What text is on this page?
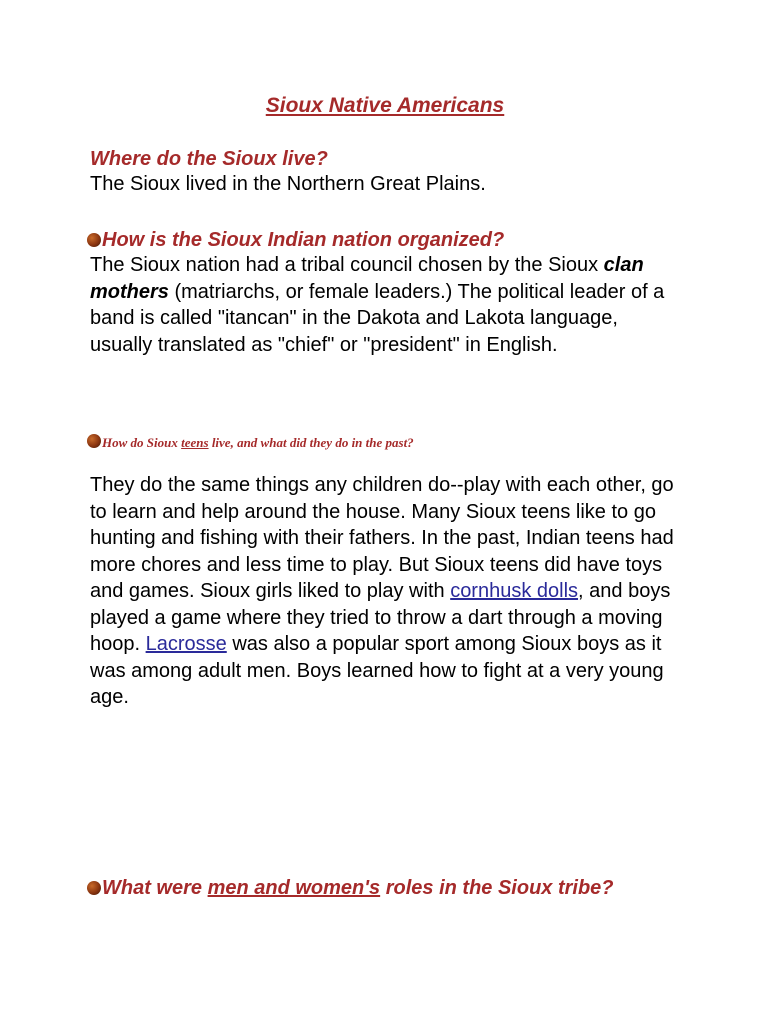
Sioux Native Americans

Where do the Sioux live?

The Sioux lived in the Northern Great Plains.

How is the Sioux Indian nation organized?

The Sioux nation had a tribal council chosen by the Sioux clan mothers (matriarchs, or female leaders.) The political leader of a band is called "itancan" in the Dakota and Lakota language, usually translated as "chief" or "president" in English.

How do Sioux teens live, and what did they do in the past?

They do the same things any children do--play with each other, go to learn and help around the house. Many Sioux teens like to go hunting and fishing with their fathers. In the past, Indian teens had more chores and less time to play. But Sioux teens did have toys and games. Sioux girls liked to play with cornhusk dolls, and boys played a game where they tried to throw a dart through a moving hoop. Lacrosse was also a popular sport among Sioux boys as it was among adult men. Boys learned how to fight at a very young age.

What were men and women's roles in the Sioux tribe?
